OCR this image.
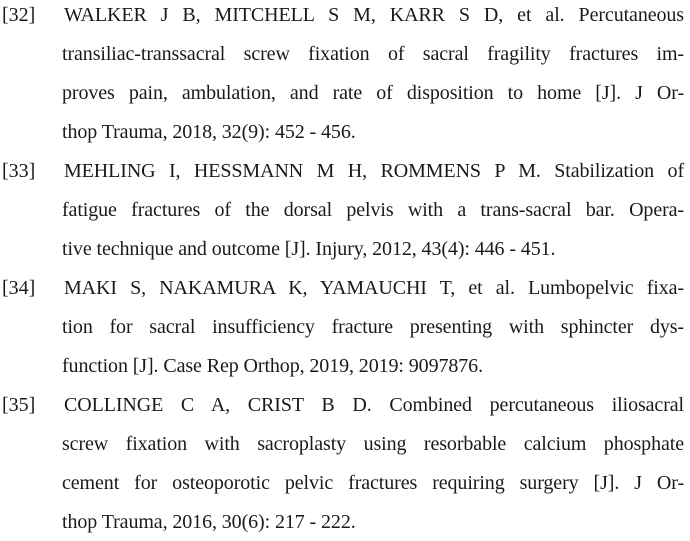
[32] WALKER J B, MITCHELL S M, KARR S D, et al. Percutaneous
transiliac-transsacral screw fixation of sacral fragility fractures im-
proves pain, ambulation, and rate of disposition to home [J]. J Or-
thop Trauma, 2018, 32(9): 452 - 456.
[33] MEHLING I, HESSMANN M H, ROMMENS P M. Stabilization of
fatigue fractures of the dorsal pelvis with a trans-sacral bar. Opera-
tive technique and outcome [J]. Injury, 2012, 43(4): 446 - 451.
[34] MAKI S, NAKAMURA K, YAMAUCHI T, et al. Lumbopelvic fixa-
tion for sacral insufficiency fracture presenting with sphincter dys-
function [J]. Case Rep Orthop, 2019, 2019: 9097876.
[35] COLLINGE C A, CRIST B D. Combined percutaneous iliosacral
screw fixation with sacroplasty using resorbable calcium phosphate
cement for osteoporotic pelvic fractures requiring surgery [J]. J Or-
thop Trauma, 2016, 30(6): 217 - 222.
